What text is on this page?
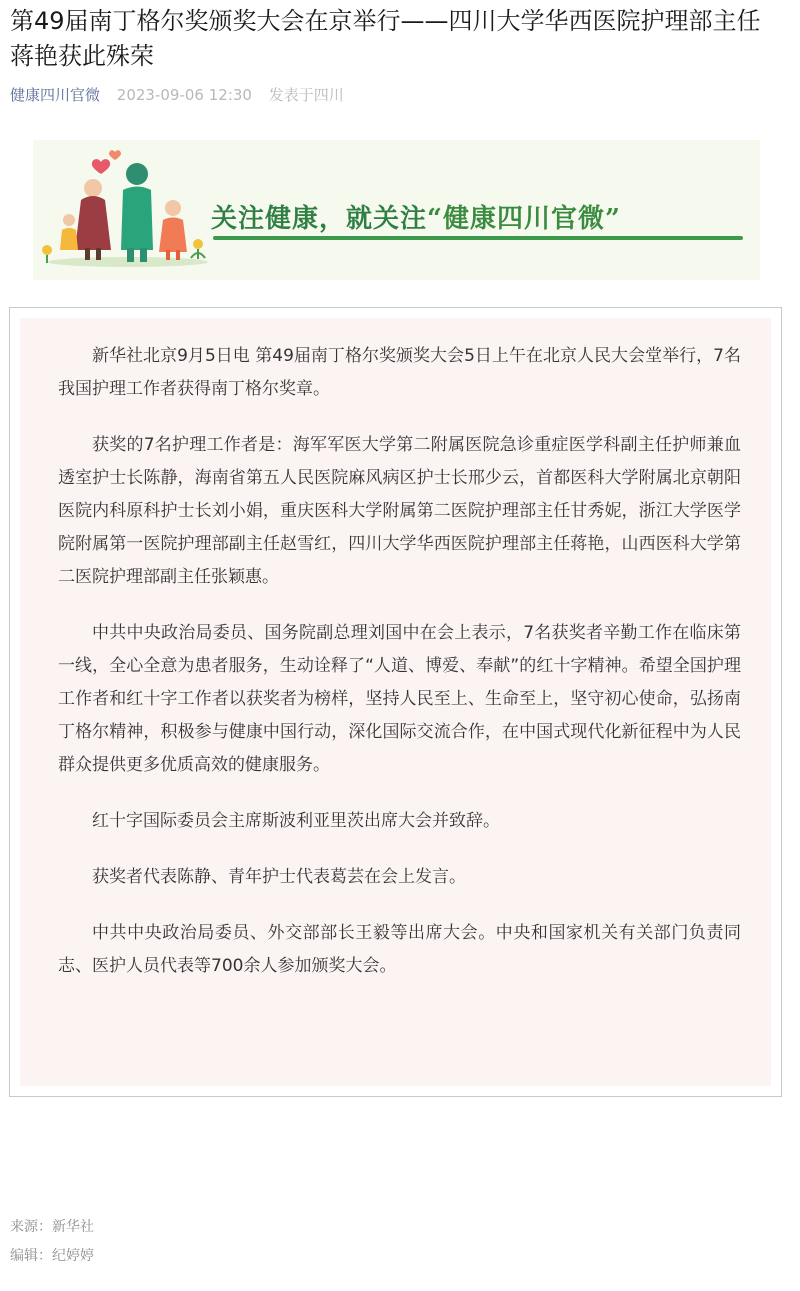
第49届南丁格尔奖颁奖大会在京举行——四川大学华西医院护理部主任蒋艳获此殊荣
健康四川官微 2023-09-06 12:30 发表于四川
关注健康，就关注“健康四川官微”

新华社北京9月5日电 第49届南丁格尔奖颁奖大会5日上午在北京人民大会堂举行，7名我国护理工作者获得南丁格尔奖章。

获奖的7名护理工作者是：海军军医大学第二附属医院急诊重症医学科副主任护师兼血透室护士长陈静，海南省第五人民医院麻风病区护士长邢少云，首都医科大学附属北京朝阳医院内科原科护士长刘小娟，重庆医科大学附属第二医院护理部主任甘秀妮，浙江大学医学院附属第一医院护理部副主任赵雪红，四川大学华西医院护理部主任蒋艳，山西医科大学第二医院护理部副主任张颖惠。

中共中央政治局委员、国务院副总理刘国中在会上表示，7名获奖者辛勤工作在临床第一线，全心全意为患者服务，生动诠释了“人道、博爱、奉献”的红十字精神。希望全国护理工作者和红十字工作者以获奖者为榜样，坚持人民至上、生命至上，坚守初心使命，弘扬南丁格尔精神，积极参与健康中国行动，深化国际交流合作，在中国式现代化新征程中为人民群众提供更多优质高效的健康服务。

红十字国际委员会主席斯波利亚里茨出席大会并致辞。

获奖者代表陈静、青年护士代表葛芸在会上发言。

中共中央政治局委员、外交部部长王毅等出席大会。中央和国家机关有关部门负责同志、医护人员代表等700余人参加颁奖大会。

来源：新华社
编辑：纪婷婷
